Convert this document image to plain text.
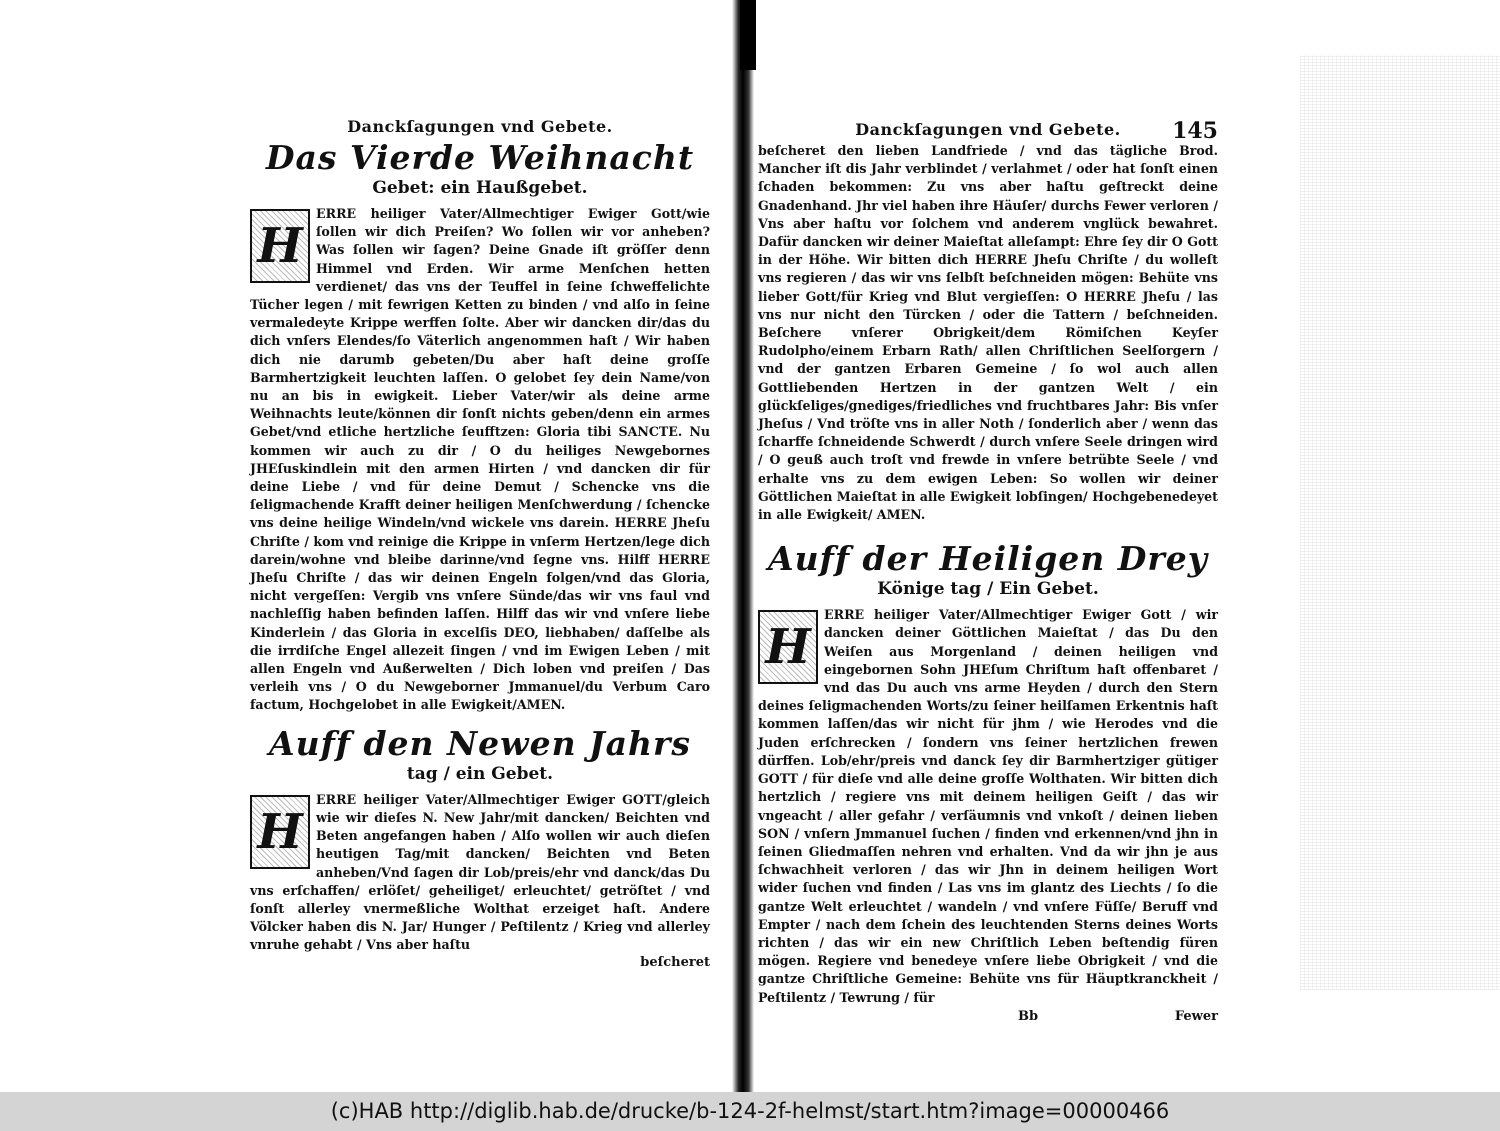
Danckſagungen vnd Gebete.

Das Vierde Weihnacht

Gebet: ein Haußgebet.

H

ERRE heiliger Vater/Allmechtiger Ewiger Gott/wie ſollen wir dich Preiſen? Wo ſollen wir vor anheben? Was ſollen wir ſagen? Deine Gnade iſt gröſſer denn Himmel vnd Erden. Wir arme Menſchen hetten verdienet/ das vns der Teuffel in ſeine ſchweffelichte Tücher legen / mit fewrigen Ketten zu binden / vnd alſo in ſeine vermaledeyte Krippe werffen ſolte. Aber wir dancken dir/das du dich vnſers Elendes/ſo Väterlich angenommen haſt / Wir haben dich nie darumb gebeten/Du aber haſt deine groſſe Barmhertzigkeit leuchten laſſen. O gelobet ſey dein Name/von nu an bis in ewigkeit. Lieber Vater/wir als deine arme Weihnachts leute/können dir ſonſt nichts geben/denn ein armes Gebet/vnd etliche hertzliche ſeufftzen: Gloria tibi SANCTE. Nu kommen wir auch zu dir / O du heiliges Newgebornes JHEſuskindlein mit den armen Hirten / vnd dancken dir für deine Liebe / vnd für deine Demut / Schencke vns die ſeligmachende Krafft deiner heiligen Menſchwerdung / ſchencke vns deine heilige Windeln/vnd wickele vns darein. HERRE Jheſu Chriſte / kom vnd reinige die Krippe in vnſerm Hertzen/lege dich darein/wohne vnd bleibe darinne/vnd ſegne vns. Hilff HERRE Jheſu Chriſte / das wir deinen Engeln folgen/vnd das Gloria, nicht vergeſſen: Vergib vns vnſere Sünde/das wir vns faul vnd nachleſſig haben befinden laſſen. Hilff das wir vnd vnſere liebe Kinderlein / das Gloria in excelſis DEO, liebhaben/ daſſelbe als die irrdiſche Engel allezeit ſingen / vnd im Ewigen Leben / mit allen Engeln vnd Außerwelten / Dich loben vnd preiſen / Das verleih vns / O du Newgeborner Jmmanuel/du Verbum Caro factum, Hochgelobet in alle Ewigkeit/AMEN.

Auff den Newen Jahrs

tag / ein Gebet.

H

ERRE heiliger Vater/Allmechtiger Ewiger GOTT/gleich wie wir dieſes N. New Jahr/mit dancken/ Beichten vnd Beten angefangen haben / Alſo wollen wir auch dieſen heutigen Tag/mit dancken/ Beichten vnd Beten anheben/Vnd ſagen dir Lob/preis/ehr vnd danck/das Du vns erſchaffen/ erlöſet/ geheiliget/ erleuchtet/ getröſtet / vnd ſonſt allerley vnermeßliche Wolthat erzeiget haſt. Andere Völcker haben dis N. Jar/ Hunger / Peſtilentz / Krieg vnd allerley vnruhe gehabt / Vns aber haſtu

beſcheret

Danckſagungen vnd Gebete.	145

beſcheret den lieben Landfriede / vnd das tägliche Brod. Mancher iſt dis Jahr verblindet / verlahmet / oder hat ſonſt einen ſchaden bekommen: Zu vns aber haſtu geſtreckt deine Gnadenhand. Jhr viel haben ihre Häuſer/ durchs Fewer verloren / Vns aber haſtu vor ſolchem vnd anderem vnglück bewahret. Dafür dancken wir deiner Maieſtat alleſampt: Ehre ſey dir O Gott in der Höhe. Wir bitten dich HERRE Jheſu Chriſte / du wolleſt vns regieren / das wir vns ſelbſt beſchneiden mögen: Behüte vns lieber Gott/für Krieg vnd Blut vergieſſen: O HERRE Jheſu / las vns nur nicht den Türcken / oder die Tattern / beſchneiden. Beſchere vnſerer Obrigkeit/dem Römiſchen Keyſer Rudolpho/einem Erbarn Rath/ allen Chriſtlichen Seelſorgern / vnd der gantzen Erbaren Gemeine / ſo wol auch allen Gottliebenden Hertzen in der gantzen Welt / ein glückſeliges/gnediges/friedliches vnd fruchtbares Jahr: Bis vnſer Jheſus / Vnd tröſte vns in aller Noth / ſonderlich aber / wenn das ſcharffe ſchneidende Schwerdt / durch vnſere Seele dringen wird / O geuß auch troſt vnd frewde in vnſere betrübte Seele / vnd erhalte vns zu dem ewigen Leben: So wollen wir deiner Göttlichen Maieſtat in alle Ewigkeit lobſingen/ Hochgebenedeyet in alle Ewigkeit/ AMEN.

Auff der Heiligen Drey

Könige tag / Ein Gebet.

H

ERRE heiliger Vater/Allmechtiger Ewiger Gott / wir dancken deiner Göttlichen Maieſtat / das Du den Weiſen aus Morgenland / deinen heiligen vnd eingebornen Sohn JHEſum Chriſtum haſt offenbaret / vnd das Du auch vns arme Heyden / durch den Stern deines ſeligmachenden Worts/zu ſeiner heilſamen Erkentnis haſt kommen laſſen/das wir nicht für jhm / wie Herodes vnd die Juden erſchrecken / ſondern vns ſeiner hertzlichen frewen dürffen. Lob/ehr/preis vnd danck ſey dir Barmhertziger gütiger GOTT / für dieſe vnd alle deine groſſe Wolthaten. Wir bitten dich hertzlich / regiere vns mit deinem heiligen Geiſt / das wir vngeacht / aller gefahr / verſäumnis vnd vnkoſt / deinen lieben SON / vnſern Jmmanuel ſuchen / finden vnd erkennen/vnd jhn in ſeinen Gliedmaſſen nehren vnd erhalten. Vnd da wir jhn je aus ſchwachheit verloren / das wir Jhn in deinem heiligen Wort wider ſuchen vnd finden / Las vns im glantz des Liechts / ſo die gantze Welt erleuchtet / wandeln / vnd vnſere Füſſe/ Beruff vnd Empter / nach dem ſchein des leuchtenden Sterns deines Worts richten / das wir ein new Chriſtlich Leben beſtendig füren mögen. Regiere vnd benedeye vnſere liebe Obrigkeit / vnd die gantze Chriſtliche Gemeine: Behüte vns für Häuptkranckheit / Peſtilentz / Tewrung / für

Bb	Fewer
(c)HAB http://diglib.hab.de/drucke/b-124-2f-helmst/start.htm?image=00000466
